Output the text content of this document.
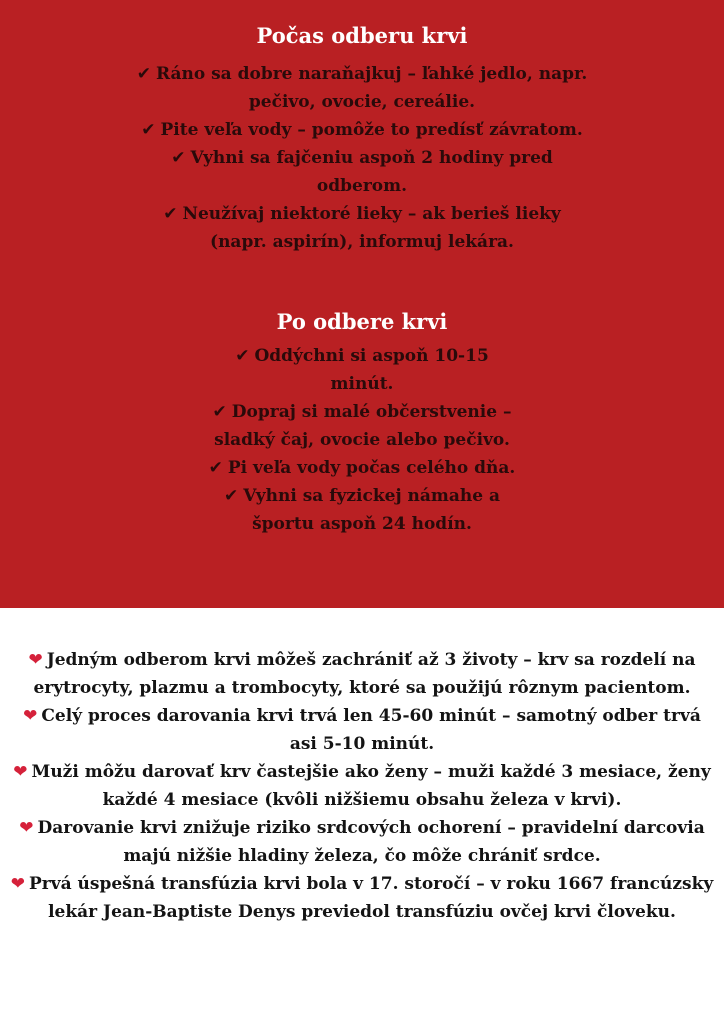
Počas odberu krvi
✔ Ráno sa dobre naraňajkuj – ľahké jedlo, napr. pečivo, ovocie, cereálie.
✔ Pite veľa vody – pomôže to predísť závratom.
✔ Vyhni sa fajčeniu aspoň 2 hodiny pred odberom.
✔ Neužívaj niektoré lieky – ak berieš lieky (napr. aspirín), informuj lekára.
Po odbere krvi
✔ Oddýchni si aspoň 10-15 minút.
✔ Dopraj si malé občerstvenie – sladký čaj, ovocie alebo pečivo.
✔ Pi veľa vody počas celého dňa.
✔ Vyhni sa fyzickej námahe a športu aspoň 24 hodín.
❤ Jedným odberom krvi môžeš zachrániť až 3 životy – krv sa rozdelí na erytrocyty, plazmu a trombocyty, ktoré sa použijú rôznym pacientom.
❤ Celý proces darovania krvi trvá len 45-60 minút – samotný odber trvá asi 5-10 minút.
❤ Muži môžu darovať krv častejšie ako ženy – muži každé 3 mesiace, ženy každé 4 mesiace (kvôli nižšiemu obsahu železa v krvi).
❤ Darovanie krvi znižuje riziko srdcových ochorení – pravidelní darcovia majú nižšie hladiny železa, čo môže chrániť srdce.
❤ Prvá úspešná transfúzia krvi bola v 17. storočí – v roku 1667 francúzsky lekár Jean-Baptiste Denys previedol transfúziu ovčej krvi človeku.
